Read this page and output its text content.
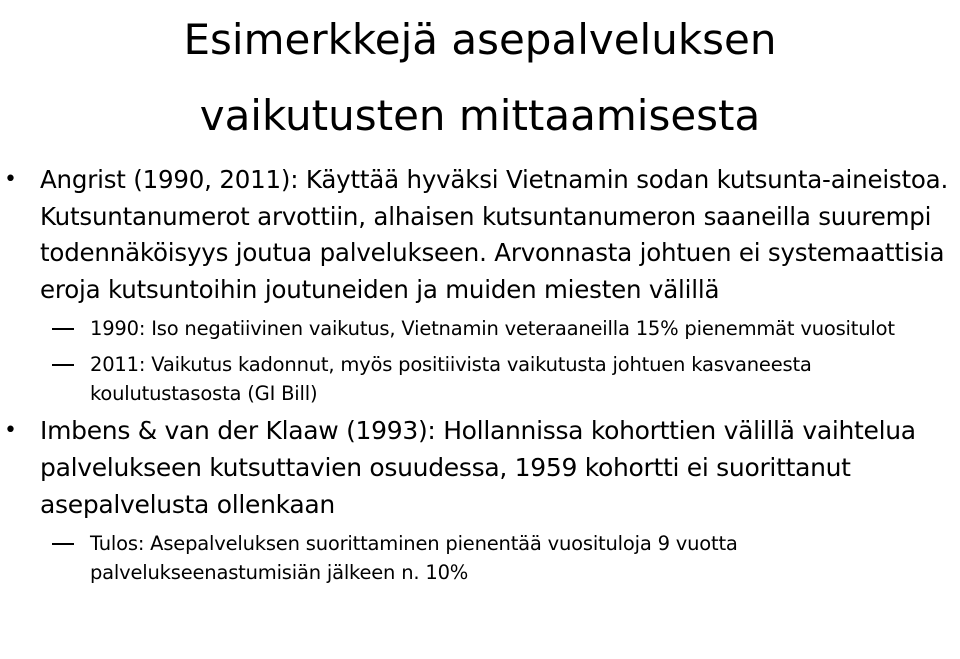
Esimerkkejä asepalveluksen
vaikutusten mittaamisesta

• Angrist (1990, 2011): Käyttää hyväksi Vietnamin sodan kutsunta-aineistoa. Kutsuntanumerot arvottiin, alhaisen kutsuntanumeron saaneilla suurempi todennäköisyys joutua palvelukseen. Arvonnasta johtuen ei systemaattisia eroja kutsuntoihin joutuneiden ja muiden miesten välillä

1990: Iso negatiivinen vaikutus, Vietnamin veteraaneilla 15% pienemmät vuositulot

2011: Vaikutus kadonnut, myös positiivista vaikutusta johtuen kasvaneesta koulutustasosta (GI Bill)

• Imbens & van der Klaaw (1993): Hollannissa kohorttien välillä vaihtelua palvelukseen kutsuttavien osuudessa, 1959 kohortti ei suorittanut asepalvelusta ollenkaan

Tulos: Asepalveluksen suorittaminen pienentää vuosituloja 9 vuotta palvelukseenastumisiän jälkeen n. 10%
